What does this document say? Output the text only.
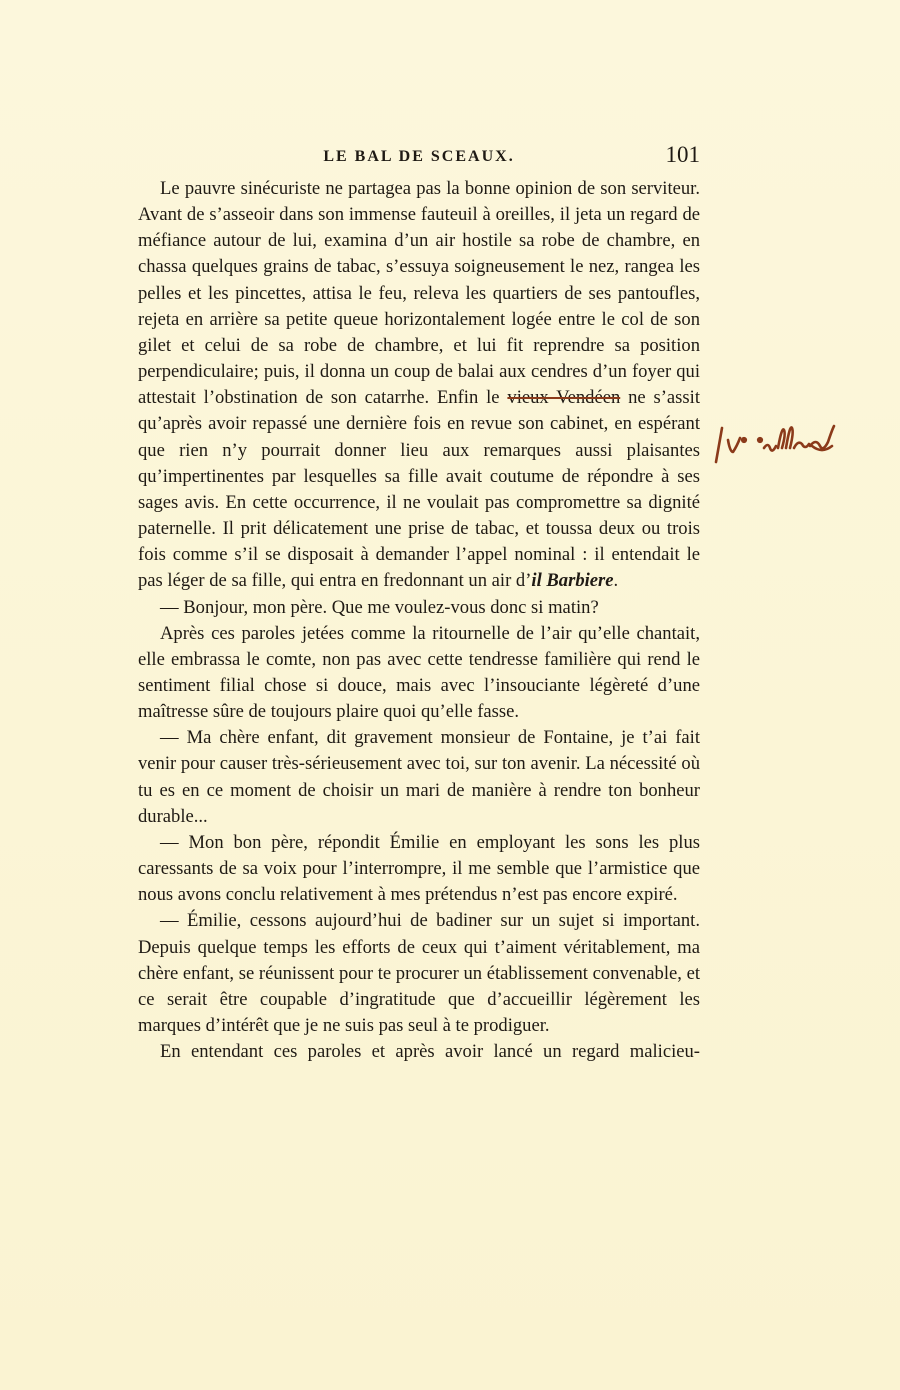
LE BAL DE SCEAUX.	101

Le pauvre sinécuriste ne partagea pas la bonne opinion de son serviteur. Avant de s’asseoir dans son immense fauteuil à oreilles, il jeta un regard de méfiance autour de lui, examina d’un air hostile sa robe de chambre, en chassa quelques grains de tabac, s’essuya soigneusement le nez, rangea les pelles et les pincettes, attisa le feu, releva les quartiers de ses pantoufles, rejeta en arrière sa petite queue horizontalement logée entre le col de son gilet et celui de sa robe de chambre, et lui fit reprendre sa position perpendiculaire; puis, il donna un coup de balai aux cendres d’un foyer qui attestait l’obstination de son catarrhe. Enfin le vieux Vendéen ne s’assit qu’après avoir repassé une dernière fois en revue son cabinet, en espérant que rien n’y pourrait donner lieu aux remarques aussi plaisantes qu’impertinentes par lesquelles sa fille avait coutume de répondre à ses sages avis. En cette occurrence, il ne voulait pas compromettre sa dignité paternelle. Il prit délicatement une prise de tabac, et toussa deux ou trois fois comme s’il se disposait à demander l’appel nominal : il entendait le pas léger de sa fille, qui entra en fredonnant un air d’il Barbiere.

— Bonjour, mon père. Que me voulez-vous donc si matin?

Après ces paroles jetées comme la ritournelle de l’air qu’elle chantait, elle embrassa le comte, non pas avec cette tendresse familière qui rend le sentiment filial chose si douce, mais avec l’insouciante légèreté d’une maîtresse sûre de toujours plaire quoi qu’elle fasse.

— Ma chère enfant, dit gravement monsieur de Fontaine, je t’ai fait venir pour causer très-sérieusement avec toi, sur ton avenir. La nécessité où tu es en ce moment de choisir un mari de manière à rendre ton bonheur durable...

— Mon bon père, répondit Émilie en employant les sons les plus caressants de sa voix pour l’interrompre, il me semble que l’armistice que nous avons conclu relativement à mes prétendus n’est pas encore expiré.

— Émilie, cessons aujourd’hui de badiner sur un sujet si important. Depuis quelque temps les efforts de ceux qui t’aiment véritablement, ma chère enfant, se réunissent pour te procurer un établissement convenable, et ce serait être coupable d’ingratitude que d’accueillir légèrement les marques d’intérêt que je ne suis pas seul à te prodiguer.

En entendant ces paroles et après avoir lancé un regard malicieu-
